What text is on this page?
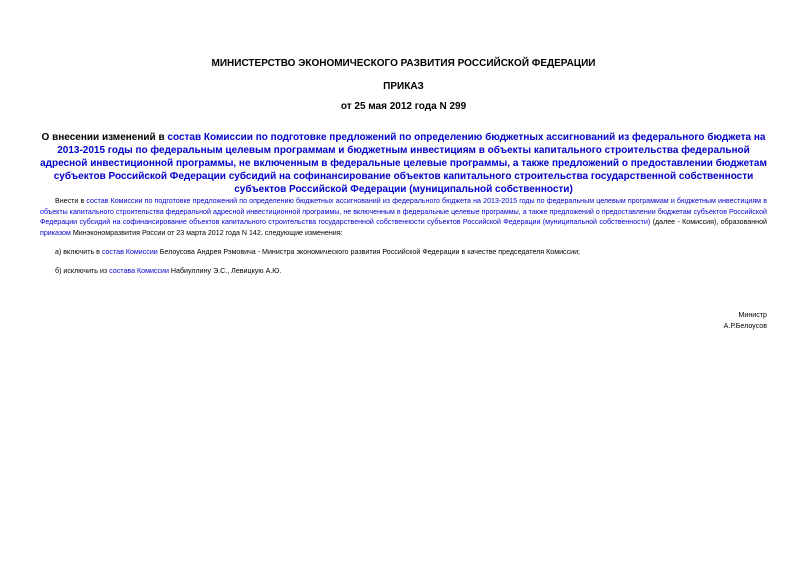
МИНИСТЕРСТВО ЭКОНОМИЧЕСКОГО РАЗВИТИЯ РОССИЙСКОЙ ФЕДЕРАЦИИ
ПРИКАЗ
от 25 мая 2012 года N 299
О внесении изменений в состав Комиссии по подготовке предложений по определению бюджетных ассигнований из федерального бюджета на 2013-2015 годы по федеральным целевым программам и бюджетным инвестициям в объекты капитального строительства федеральной адресной инвестиционной программы, не включенным в федеральные целевые программы, а также предложений о предоставлении бюджетам субъектов Российской Федерации субсидий на софинансирование объектов капитального строительства государственной собственности субъектов Российской Федерации (муниципальной собственности)
Внести в состав Комиссии по подготовке предложений по определению бюджетных ассигнований из федерального бюджета на 2013-2015 годы по федеральным целевым программам и бюджетным инвестициям в объекты капитального строительства федеральной адресной инвестиционной программы, не включенным в федеральные целевые программы, а также предложений о предоставлении бюджетам субъектов Российской Федерации субсидий на софинансирование объектов капитального строительства государственной собственности субъектов Российской Федерации (муниципальной собственности) (далее - Комиссия), образованной приказом Минэкономразвития России от 23 марта 2012 года N 142, следующие изменения:
а) включить в состав Комиссии Белоусова Андрея Рэмовича - Министра экономического развития Российской Федерации в качестве председателя Комиссии;
б) исключить из состава Комиссии Набиуллину Э.С., Левицкую А.Ю.
Министр
А.Р.Белоусов
